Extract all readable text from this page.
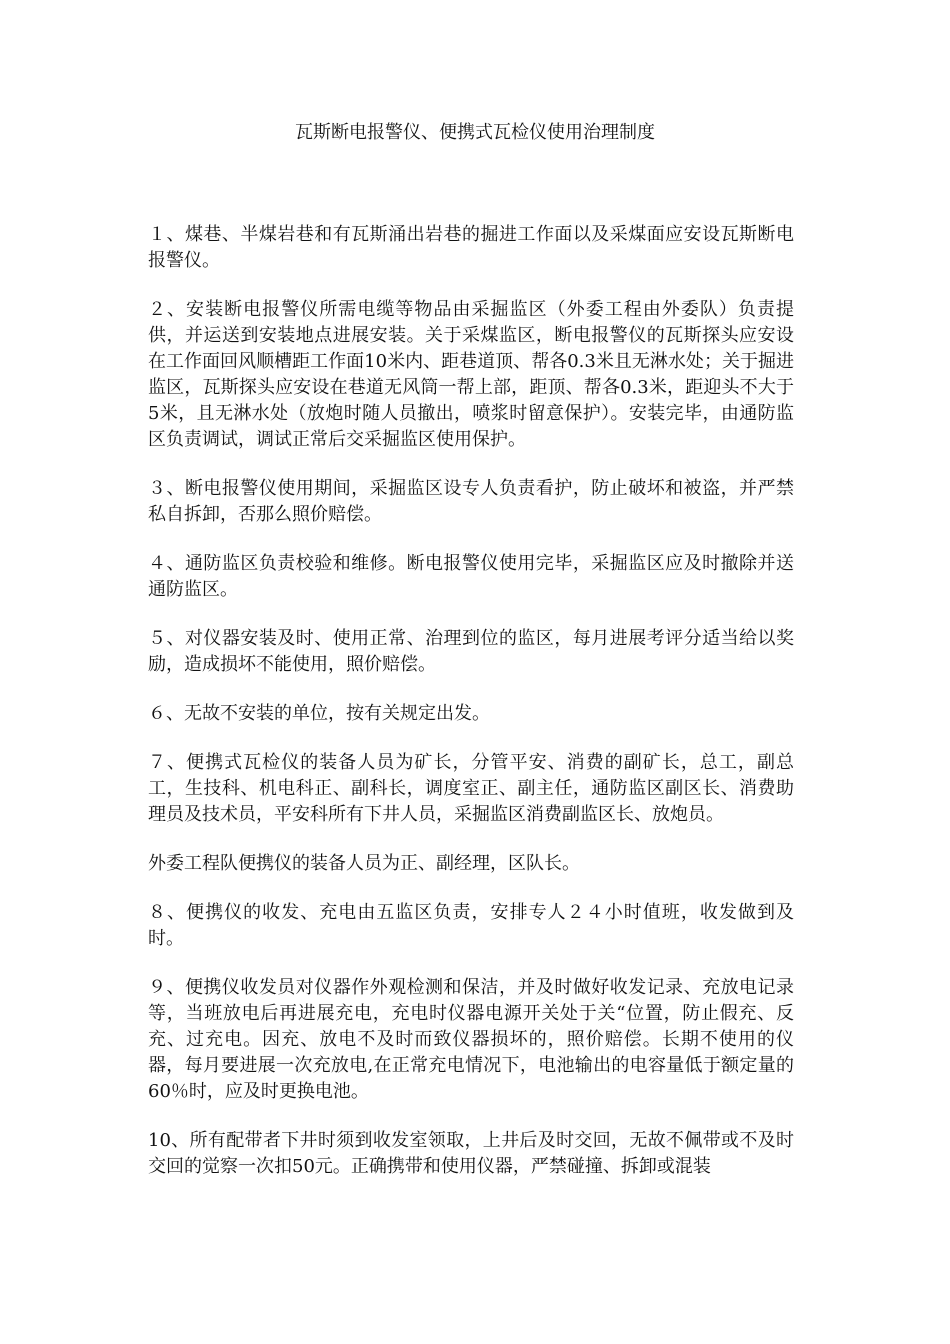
瓦斯断电报警仪、便携式瓦检仪使用治理制度

１、煤巷、半煤岩巷和有瓦斯涌出岩巷的掘进工作面以及采煤面应安设瓦斯断电报警仪。

２、安装断电报警仪所需电缆等物品由采掘监区（外委工程由外委队）负责提供，并运送到安装地点进展安装。关于采煤监区，断电报警仪的瓦斯探头应安设在工作面回风顺槽距工作面10米内、距巷道顶、帮各0.3米且无淋水处；关于掘进监区，瓦斯探头应安设在巷道无风筒一帮上部，距顶、帮各0.3米，距迎头不大于5米，且无淋水处（放炮时随人员撤出，喷浆时留意保护）。安装完毕，由通防监区负责调试，调试正常后交采掘监区使用保护。

３、断电报警仪使用期间，采掘监区设专人负责看护，防止破坏和被盗，并严禁私自拆卸，否那么照价赔偿。

４、通防监区负责校验和维修。断电报警仪使用完毕，采掘监区应及时撤除并送通防监区。

５、对仪器安装及时、使用正常、治理到位的监区，每月进展考评分适当给以奖励，造成损坏不能使用，照价赔偿。

６、无故不安装的单位，按有关规定出发。

７、便携式瓦检仪的装备人员为矿长，分管平安、消费的副矿长，总工，副总工，生技科、机电科正、副科长，调度室正、副主任，通防监区副区长、消费助理员及技术员，平安科所有下井人员，采掘监区消费副监区长、放炮员。

外委工程队便携仪的装备人员为正、副经理，区队长。

８、便携仪的收发、充电由五监区负责，安排专人２４小时值班，收发做到及时。

９、便携仪收发员对仪器作外观检测和保洁，并及时做好收发记录、充放电记录等，当班放电后再进展充电，充电时仪器电源开关处于关“位置，防止假充、反充、过充电。因充、放电不及时而致仪器损坏的，照价赔偿。长期不使用的仪器，每月要进展一次充放电,在正常充电情况下，电池输出的电容量低于额定量的60％时，应及时更换电池。

10、所有配带者下井时须到收发室领取，上井后及时交回，无故不佩带或不及时交回的觉察一次扣50元。正确携带和使用仪器，严禁碰撞、拆卸或混装
